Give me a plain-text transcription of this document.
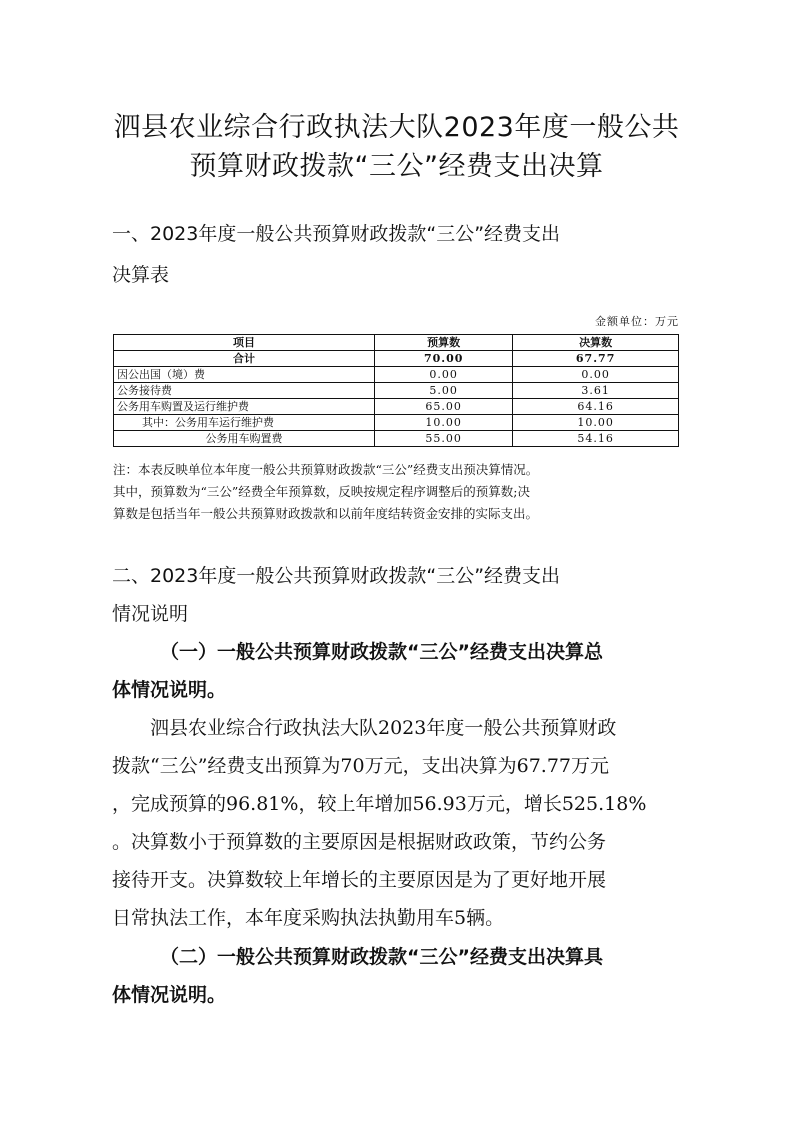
泗县农业综合行政执法大队2023年度一般公共
预算财政拨款“三公”经费支出决算
一、2023年度一般公共预算财政拨款“三公”经费支出
决算表
金额单位：万元
项目	预算数	决算数
合计	70.00	67.77
因公出国（境）费	0.00	0.00
公务接待费	5.00	3.61
公务用车购置及运行维护费	65.00	64.16
其中：公务用车运行维护费	10.00	10.00
公务用车购置费	55.00	54.16
注：本表反映单位本年度一般公共预算财政拨款“三公”经费支出预决算情况。
其中，预算数为“三公”经费全年预算数，反映按规定程序调整后的预算数;决
算数是包括当年一般公共预算财政拨款和以前年度结转资金安排的实际支出。
二、2023年度一般公共预算财政拨款“三公”经费支出
情况说明
（一）一般公共预算财政拨款“三公”经费支出决算总
体情况说明。
泗县农业综合行政执法大队2023年度一般公共预算财政
拨款“三公”经费支出预算为70万元，支出决算为67.77万元
，完成预算的96.81%，较上年增加56.93万元，增长525.18%
。决算数小于预算数的主要原因是根据财政政策，节约公务
接待开支。决算数较上年增长的主要原因是为了更好地开展
日常执法工作，本年度采购执法执勤用车5辆。
（二）一般公共预算财政拨款“三公”经费支出决算具
体情况说明。
